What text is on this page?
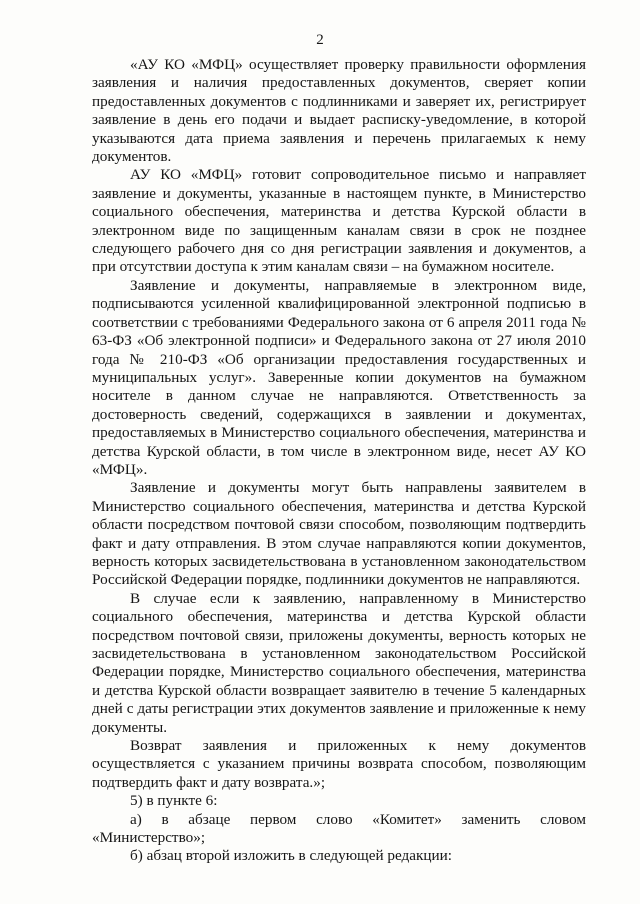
2

«АУ КО «МФЦ» осуществляет проверку правильности оформления заявления и наличия предоставленных документов, сверяет копии предоставленных документов с подлинниками и заверяет их, регистрирует заявление в день его подачи и выдает расписку-уведомление, в которой указываются дата приема заявления и перечень прилагаемых к нему документов.

АУ КО «МФЦ» готовит сопроводительное письмо и направляет заявление и документы, указанные в настоящем пункте, в Министерство социального обеспечения, материнства и детства Курской области в электронном виде по защищенным каналам связи в срок не позднее следующего рабочего дня со дня регистрации заявления и документов, а при отсутствии доступа к этим каналам связи – на бумажном носителе.

Заявление и документы, направляемые в электронном виде, подписываются усиленной квалифицированной электронной подписью в соответствии с требованиями Федерального закона от 6 апреля 2011 года № 63-ФЗ «Об электронной подписи» и Федерального закона от 27 июля 2010 года № 210-ФЗ «Об организации предоставления государственных и муниципальных услуг». Заверенные копии документов на бумажном носителе в данном случае не направляются. Ответственность за достоверность сведений, содержащихся в заявлении и документах, предоставляемых в Министерство социального обеспечения, материнства и детства Курской области, в том числе в электронном виде, несет АУ КО «МФЦ».

Заявление и документы могут быть направлены заявителем в Министерство социального обеспечения, материнства и детства Курской области посредством почтовой связи способом, позволяющим подтвердить факт и дату отправления. В этом случае направляются копии документов, верность которых засвидетельствована в установленном законодательством Российской Федерации порядке, подлинники документов не направляются.

В случае если к заявлению, направленному в Министерство социального обеспечения, материнства и детства Курской области посредством почтовой связи, приложены документы, верность которых не засвидетельствована в установленном законодательством Российской Федерации порядке, Министерство социального обеспечения, материнства и детства Курской области возвращает заявителю в течение 5 календарных дней с даты регистрации этих документов заявление и приложенные к нему документы.

Возврат заявления и приложенных к нему документов осуществляется с указанием причины возврата способом, позволяющим подтвердить факт и дату возврата.»;

5) в пункте 6:

а) в абзаце первом слово «Комитет» заменить словом «Министерство»;

б) абзац второй изложить в следующей редакции:
